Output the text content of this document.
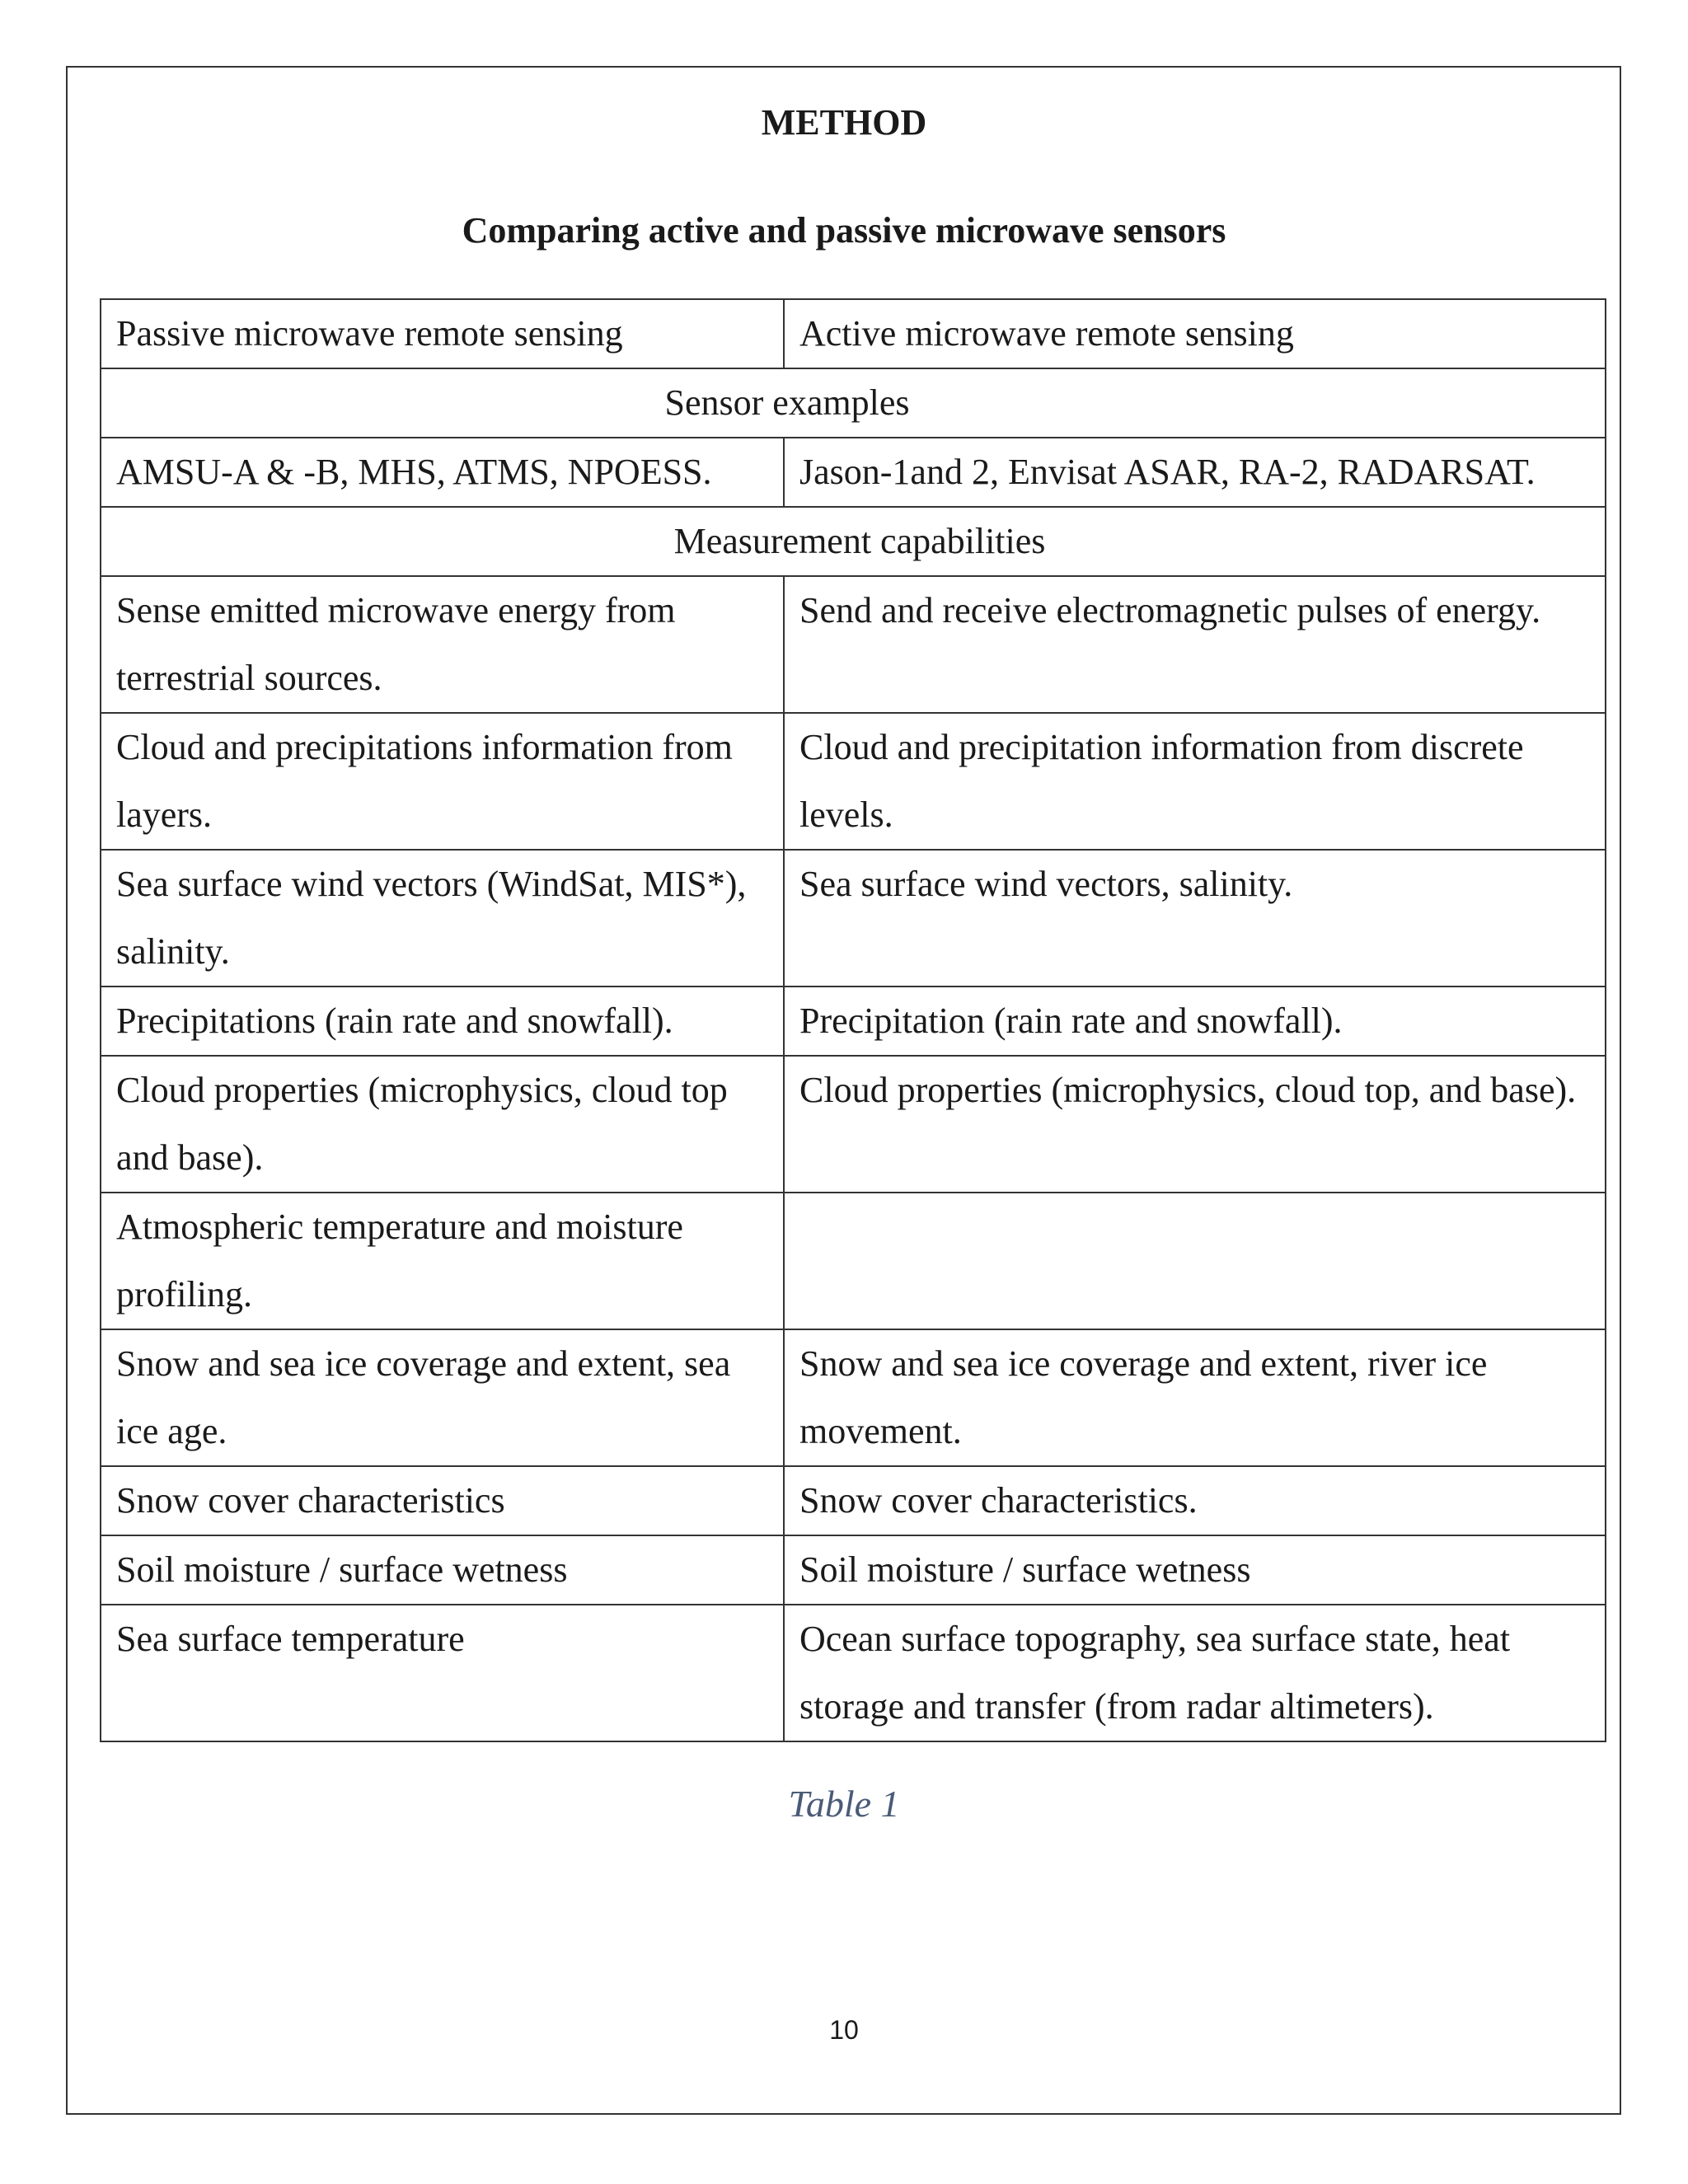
METHOD
Comparing active and passive microwave sensors
Passive microwave remote sensing	Active microwave remote sensing
Sensor examples	
AMSU-A & -B, MHS, ATMS, NPOESS.	Jason-1and 2, Envisat ASAR, RA-2, RADARSAT.
Measurement capabilities	
Sense emitted microwave energy from terrestrial sources.	Send and receive electromagnetic pulses of energy.
Cloud and precipitations information from layers.	Cloud and precipitation information from discrete levels.
Sea surface wind vectors (WindSat, MIS*), salinity.	Sea surface wind vectors, salinity.
Precipitations (rain rate and snowfall).	Precipitation (rain rate and snowfall).
Cloud properties (microphysics, cloud top and base).	Cloud properties (microphysics, cloud top, and base).
Atmospheric temperature and moisture profiling.	
Snow and sea ice coverage and extent, sea ice age.	Snow and sea ice coverage and extent, river ice movement.
Snow cover characteristics	Snow cover characteristics.
Soil moisture / surface wetness	Soil moisture / surface wetness
Sea surface temperature	Ocean surface topography, sea surface state, heat storage and transfer (from radar altimeters).

Table 1

10
